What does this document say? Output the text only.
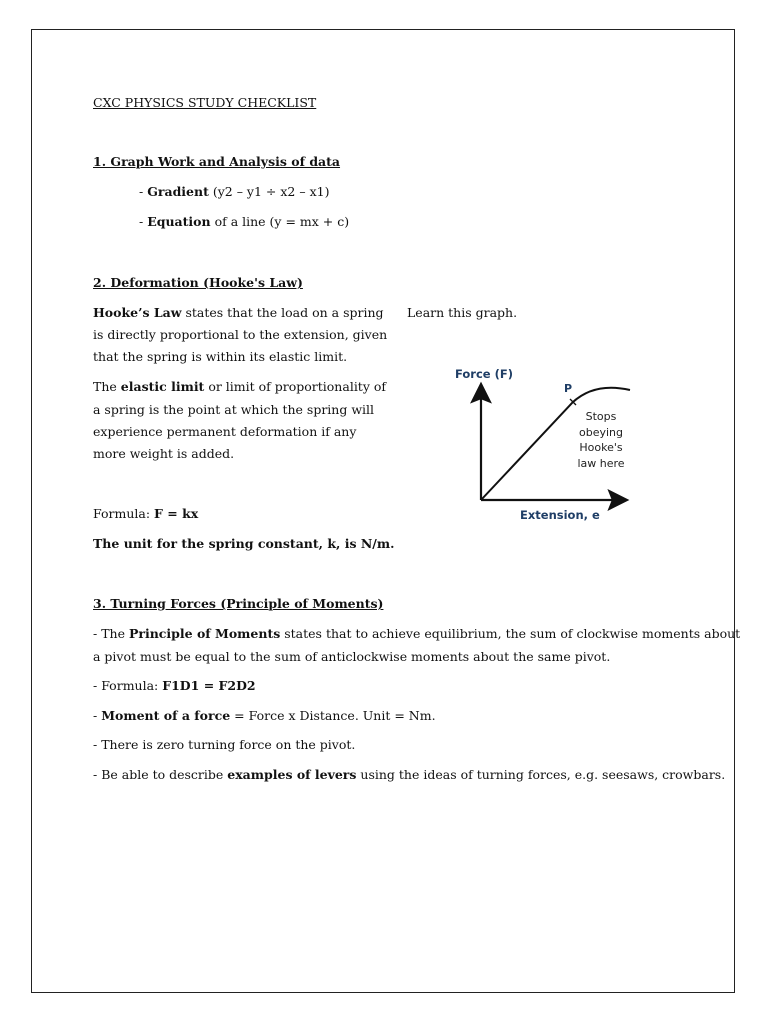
CXC PHYSICS STUDY CHECKLIST
1. Graph Work and Analysis of data
- Gradient (y2 – y1 ÷ x2 – x1)
- Equation of a line (y = mx + c)
2. Deformation (Hooke's Law)
Hooke’s Law states that the load on a spring
is directly proportional to the extension, given
that the spring is within its elastic limit.
The elastic limit or limit of proportionality of
a spring is the point at which the spring will
experience permanent deformation if any
more weight is added.
Learn this graph.
Formula: F = kx
The unit for the spring constant, k, is N/m.
Force (F)
P
Extension, e
Stops
obeying
Hooke's
law here
3. Turning Forces (Principle of Moments)
- The Principle of Moments states that to achieve equilibrium, the sum of clockwise moments about
a pivot must be equal to the sum of anticlockwise moments about the same pivot.
- Formula: F1D1 = F2D2
- Moment of a force = Force x Distance. Unit = Nm.
- There is zero turning force on the pivot.
- Be able to describe examples of levers using the ideas of turning forces, e.g. seesaws, crowbars.
